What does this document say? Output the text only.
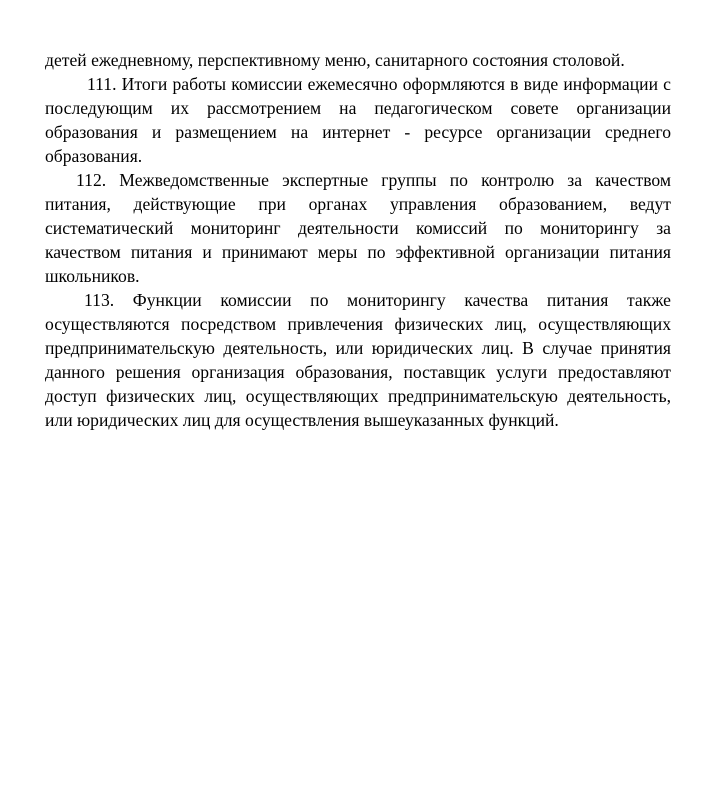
детей ежедневному, перспективному меню, санитарного состояния столовой.

111. Итоги работы комиссии ежемесячно оформляются в виде информации с последующим их рассмотрением на педагогическом совете организации образования и размещением на интернет - ресурсе организации среднего образования.

112. Межведомственные экспертные группы по контролю за качеством питания, действующие при органах управления образованием, ведут систематический мониторинг деятельности комиссий по мониторингу за качеством питания и принимают меры по эффективной организации питания школьников.

113. Функции комиссии по мониторингу качества питания также осуществляются посредством привлечения физических лиц, осуществляющих предпринимательскую деятельность, или юридических лиц. В случае принятия данного решения организация образования, поставщик услуги предоставляют доступ физических лиц, осуществляющих предпринимательскую деятельность, или юридических лиц для осуществления вышеуказанных функций.
